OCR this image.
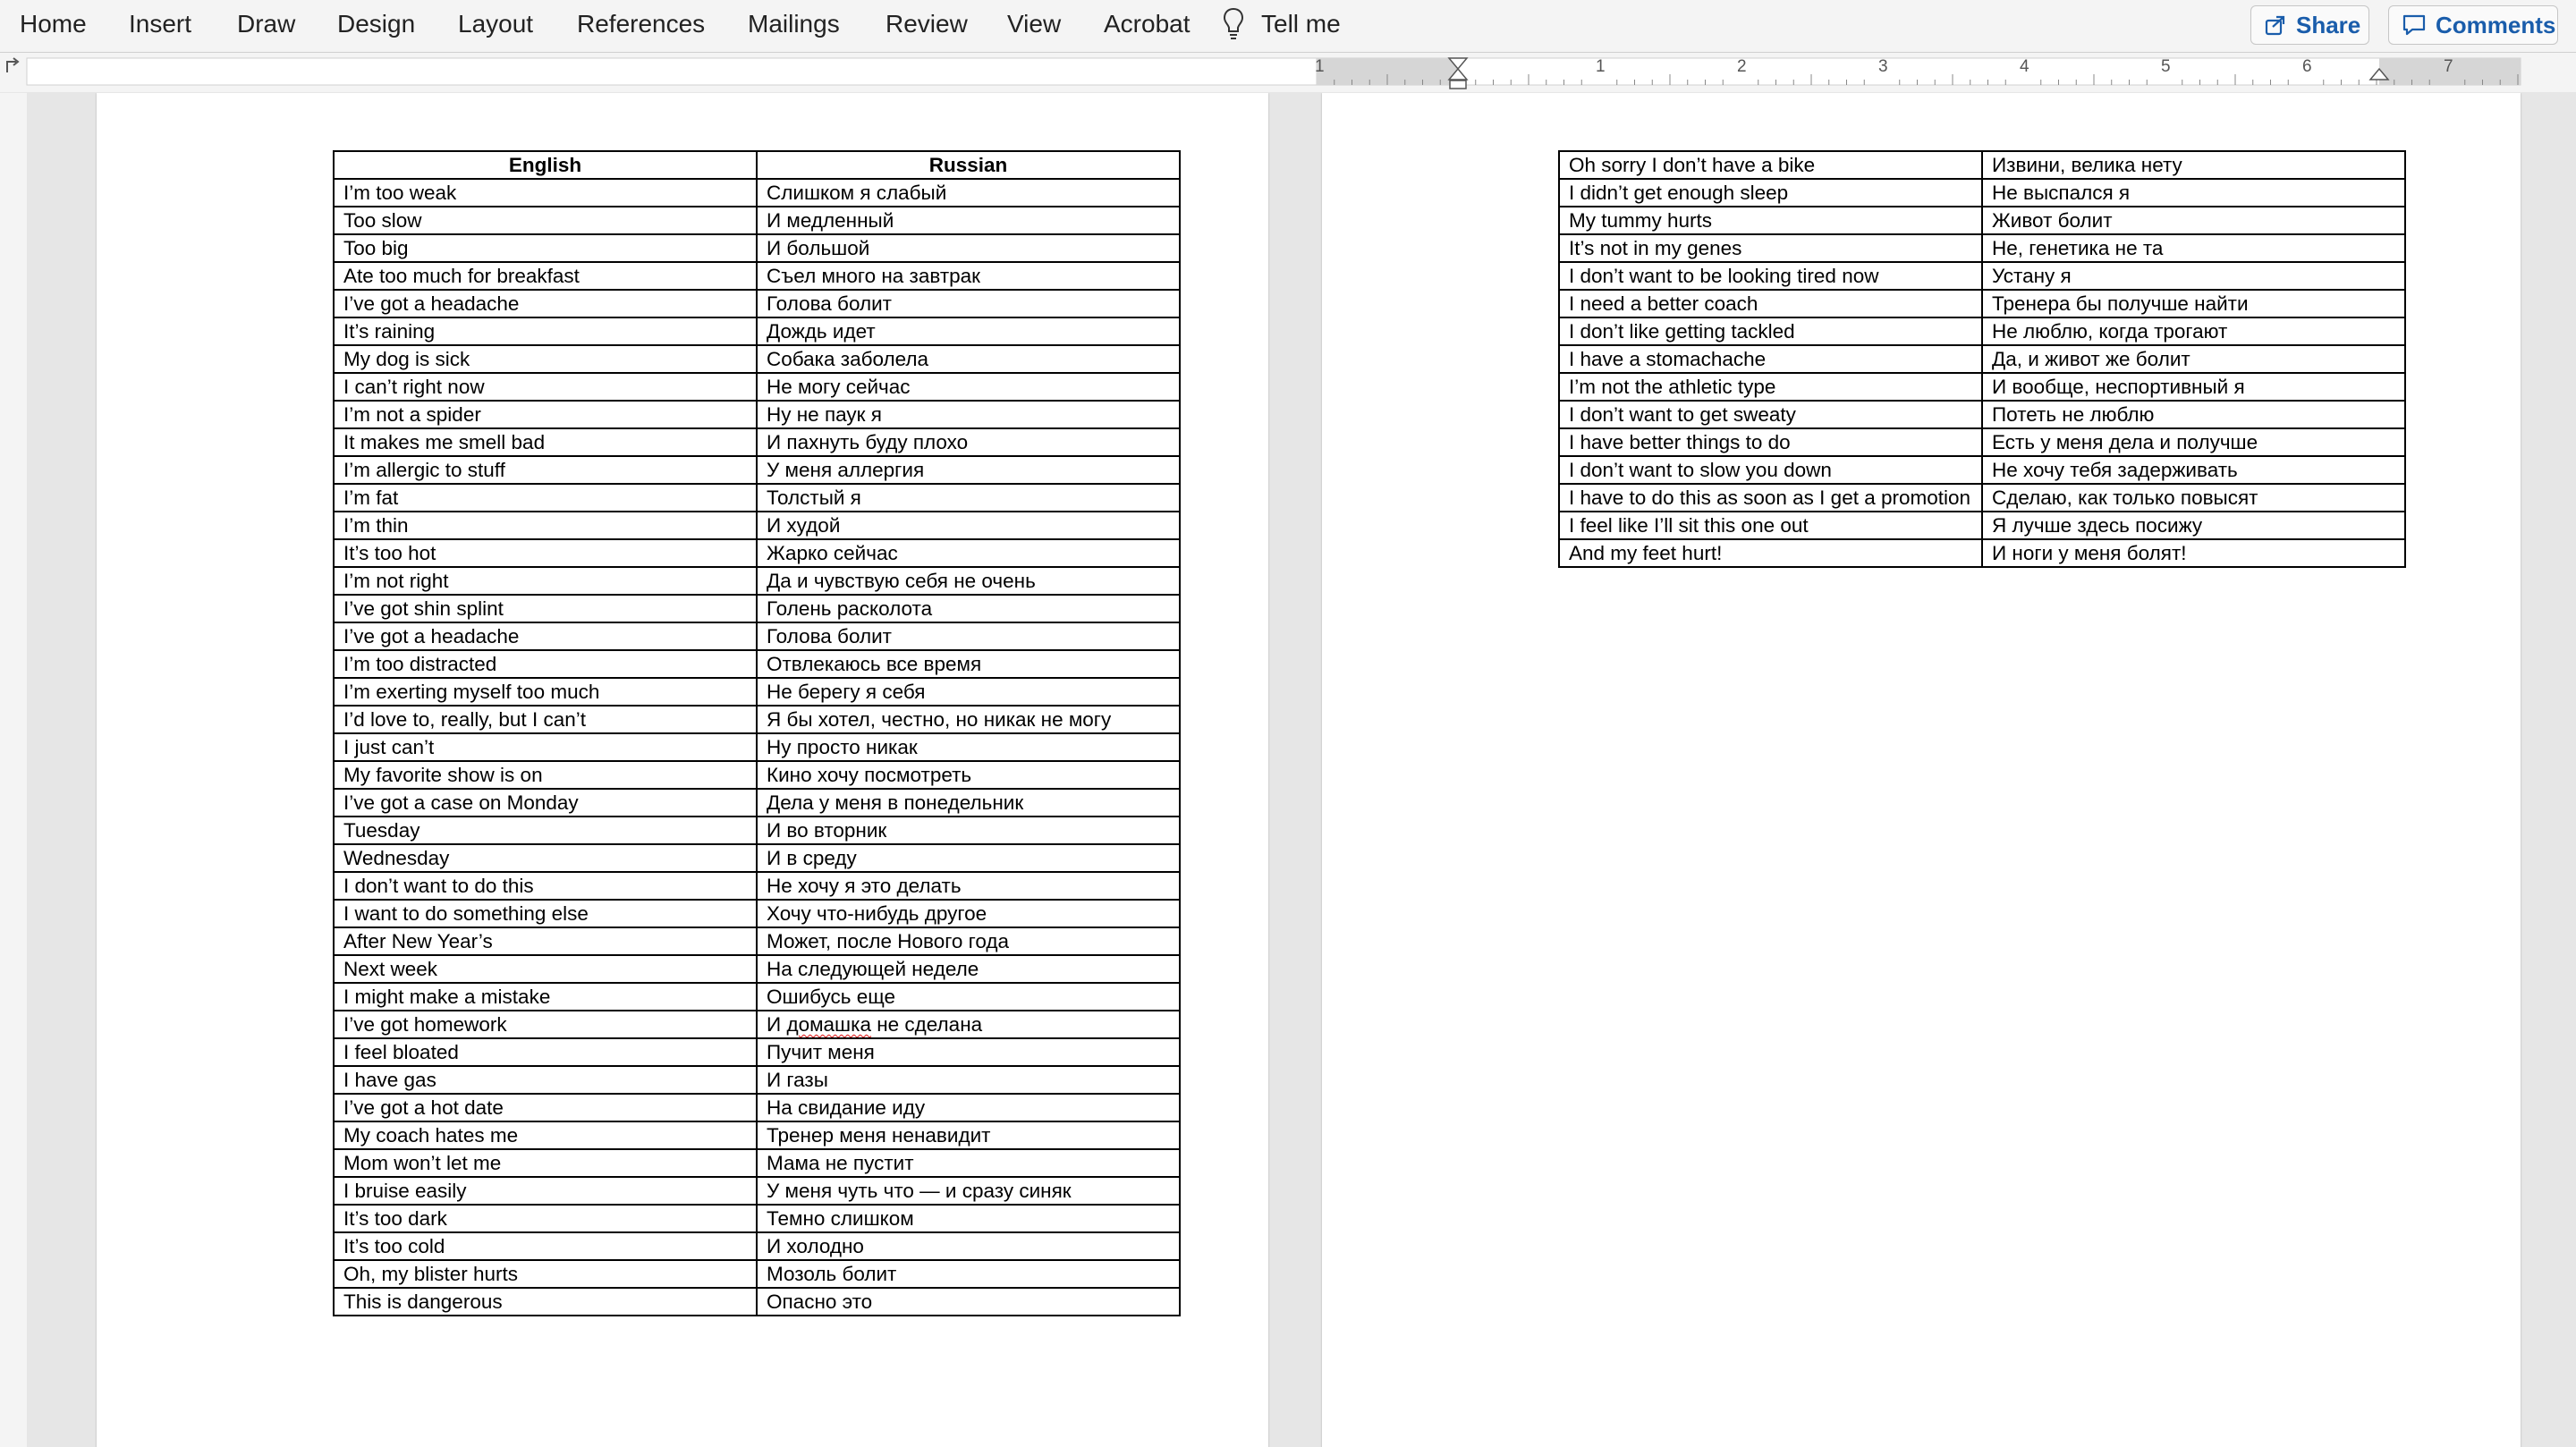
Home Insert Draw Design Layout References Mailings Review View Acrobat	Tell me	Share	Comments
1	1	2	3	4	5	6	7
English	Russian
I’m too weak	Слишком я слабый
Too slow	И медленный
Too big	И большой
Ate too much for breakfast	Съел много на завтрак
I’ve got a headache	Голова болит
It’s raining	Дождь идет
My dog is sick	Собака заболела
I can’t right now	Не могу сейчас
I’m not a spider	Ну не паук я
It makes me smell bad	И пахнуть буду плохо
I’m allergic to stuff	У меня аллергия
I’m fat	Толстый я
I’m thin	И худой
It’s too hot	Жарко сейчас
I’m not right	Да и чувствую себя не очень
I’ve got shin splint	Голень расколота
I’ve got a headache	Голова болит
I’m too distracted	Отвлекаюсь все время
I’m exerting myself too much	Не берегу я себя
I’d love to, really, but I can’t	Я бы хотел, честно, но никак не могу
I just can’t	Ну просто никак
My favorite show is on	Кино хочу посмотреть
I’ve got a case on Monday	Дела у меня в понедельник
Tuesday	И во вторник
Wednesday	И в среду
I don’t want to do this	Не хочу я это делать
I want to do something else	Хочу что-нибудь другое
After New Year’s	Может, после Нового года
Next week	На следующей неделе
I might make a mistake	Ошибусь еще
I’ve got homework	И домашка не сделана
I feel bloated	Пучит меня
I have gas	И газы
I’ve got a hot date	На свидание иду
My coach hates me	Тренер меня ненавидит
Mom won’t let me	Мама не пустит
I bruise easily	У меня чуть что — и сразу синяк
It’s too dark	Темно слишком
It’s too cold	И холодно
Oh, my blister hurts	Мозоль болит
This is dangerous	Опасно это
Oh sorry I don’t have a bike	Извини, велика нету
I didn’t get enough sleep	Не выспался я
My tummy hurts	Живот болит
It’s not in my genes	Не, генетика не та
I don’t want to be looking tired now	Устану я
I need a better coach	Тренера бы получше найти
I don’t like getting tackled	Не люблю, когда трогают
I have a stomachache	Да, и живот же болит
I’m not the athletic type	И вообще, неспортивный я
I don’t want to get sweaty	Потеть не люблю
I have better things to do	Есть у меня дела и получше
I don’t want to slow you down	Не хочу тебя задерживать
I have to do this as soon as I get a promotion	Сделаю, как только повысят
I feel like I’ll sit this one out	Я лучше здесь посижу
And my feet hurt!	И ноги у меня болят!
